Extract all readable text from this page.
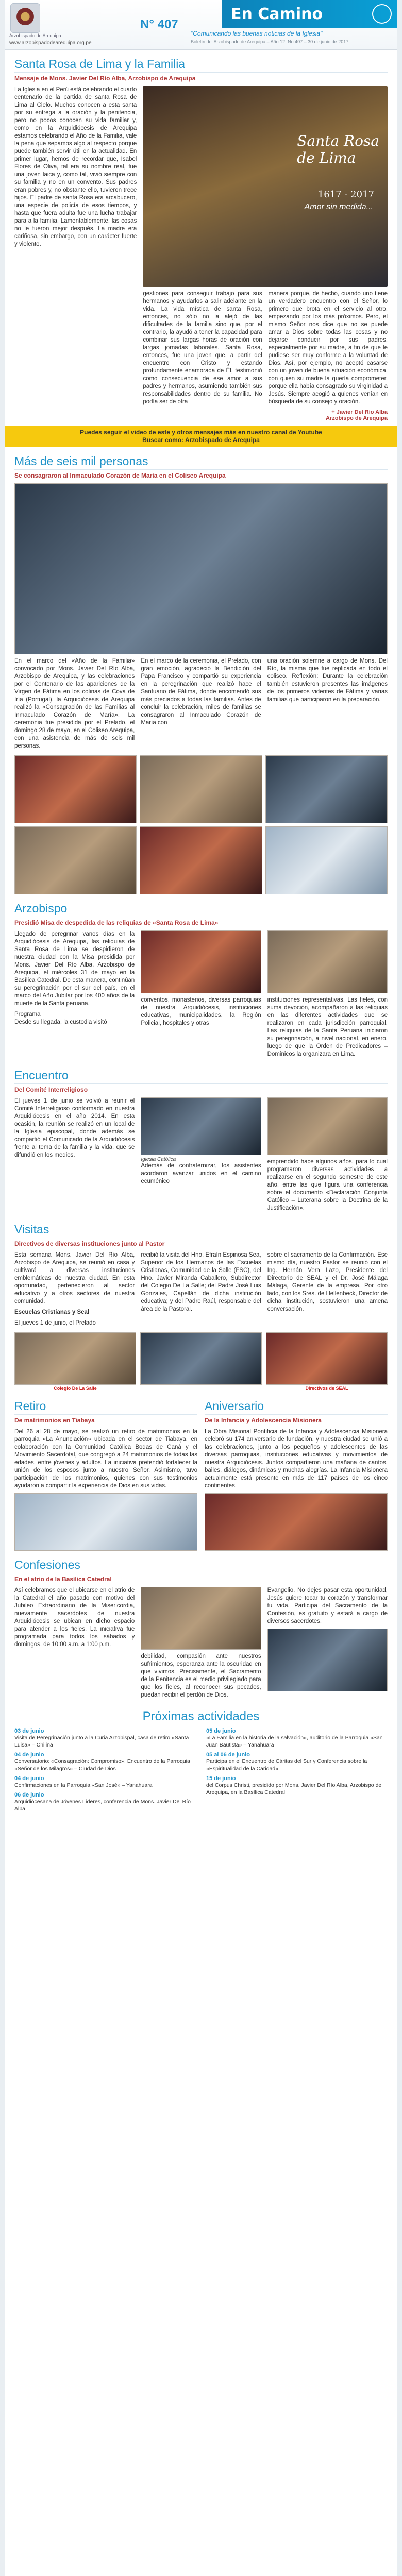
Arzobispado de Arequipa
www.arzobispadodearequipa.org.pe
En Camino
N° 407
"Comunicando las buenas noticias de la Iglesia"
Boletín del Arzobispado de Arequipa – Año 12, No 407 – 30 de junio de 2017
Santa Rosa de Lima y la Familia
Mensaje de Mons. Javier Del Río Alba, Arzobispo de Arequipa

La Iglesia en el Perú está celebrando el cuarto centenario de la partida de santa Rosa de Lima al Cielo. Muchos conocen a esta santa por su entrega a la oración y la penitencia, pero no pocos conocen su vida familiar y, como en la Arquidiócesis de Arequipa estamos celebrando el Año de la Familia, vale la pena que sepamos algo al respecto porque puede también servir útil en la actualidad. En primer lugar, hemos de recordar que, Isabel Flores de Oliva, tal era su nombre real, fue una joven laica y, como tal, vivió siempre con su familia y no en un convento. Sus padres eran pobres y, no obstante ello, tuvieron trece hijos. El padre de santa Rosa era arcabucero, una especie de policía de esos tiempos, y hasta que fuera adulta fue una lucha trabajar para a la familia. Lamentablemente, las cosas no le fueron mejor después. La madre era cariñosa, sin embargo, con un carácter fuerte y violento.

Santa Rosa
de Lima
1617 - 2017
Amor sin medida...

gestiones para conseguir trabajo para sus hermanos y ayudarlos a salir adelante en la vida. La vida mística de santa Rosa, entonces, no sólo no la alejó de las dificultades de la familia sino que, por el contrario, la ayudó a tener la capacidad para combinar sus largas horas de oración con largas jornadas laborales. Santa Rosa, entonces, fue una joven que, a partir del encuentro con Cristo y estando profundamente enamorada de Él, testimonió como consecuencia de ese amor a sus padres y hermanos, asumiendo también sus responsabilidades dentro de su familia. No podía ser de otra

manera porque, de hecho, cuando uno tiene un verdadero encuentro con el Señor, lo primero que brota en el servicio al otro, empezando por los más próximos. Pero, el mismo Señor nos dice que no se puede amar a Dios sobre todas las cosas y no dejarse conducir por sus padres, especialmente por su madre, a fin de que le pudiese ser muy conforme a la voluntad de Dios. Así, por ejemplo, no aceptó casarse con un joven de buena situación económica, con quien su madre la quería comprometer, porque ella había consagrado su virginidad a Jesús. Siempre acogió a quienes venían en búsqueda de su consejo y oración.

+ Javier Del Río Alba
Arzobispo de Arequipa
Puedes seguir el video de este y otros mensajes más en nuestro canal de Youtube
Buscar como: Arzobispado de Arequipa
Más de seis mil personas
Se consagraron al Inmaculado Corazón de María en el Coliseo Arequipa

En el marco del «Año de la Familia» convocado por Mons. Javier Del Río Alba, Arzobispo de Arequipa, y las celebraciones por el Centenario de las apariciones de la Virgen de Fátima en los colinas de Cova de Iría (Portugal), la Arquidiócesis de Arequipa realizó la «Consagración de las Familias al Inmaculado Corazón de María». La ceremonia fue presidida por el Prelado, el domingo 28 de mayo, en el Coliseo Arequipa, con una asistencia de más de seis mil personas.

En el marco de la ceremonia, el Prelado, con gran emoción, agradeció la Bendición del Papa Francisco y compartió su experiencia en la peregrinación que realizó hace el Santuario de Fátima, donde encomendó sus más preciados a todas las familias. Antes de concluir la celebración, miles de familias se consagraron al Inmaculado Corazón de María con

una oración solemne a cargo de Mons. Del Río, la misma que fue replicada en todo el coliseo. Reflexión: Durante la celebración también estuvieron presentes las imágenes de los primeros videntes de Fátima y varias familias que participaron en la preparación.

Arzobispo
Presidió Misa de despedida de las reliquias de «Santa Rosa de Lima»

Llegado de peregrinar varios días en la Arquidiócesis de Arequipa, las reliquias de Santa Rosa de Lima se despidieron de nuestra ciudad con la Misa presidida por Mons. Javier Del Río Alba, Arzobispo de Arequipa, el miércoles 31 de mayo en la Basílica Catedral. De esta manera, continúan su peregrinación por el sur del país, en el marco del Año Jubilar por los 400 años de la muerte de la Santa peruana.

Programa
Desde su llegada, la custodia visitó

conventos, monasterios, diversas parroquias de nuestra Arquidiócesis, instituciones educativas, municipalidades, la Región Policial, hospitales y otras

instituciones representativas. Las fieles, con suma devoción, acompañaron a las reliquias en las diferentes actividades que se realizaron en cada jurisdicción parroquial. Las reliquias de la Santa Peruana iniciaron su peregrinación, a nivel nacional, en enero, luego de que la Orden de Predicadores – Dominicos la organizara en Lima.

Encuentro
Del Comité Interreligioso

El jueves 1 de junio se volvió a reunir el Comité Interreligioso conformado en nuestra Arquidiócesis en el año 2014. En esta ocasión, la reunión se realizó en un local de la Iglesia episcopal, donde además se compartió el Comunicado de la Arquidiócesis frente al tema de la familia y la vida, que se difundió en los medios.

Iglesia Católica

Además de confraternizar, los asistentes acordaron avanzar unidos en el camino ecuménico

emprendido hace algunos años, para lo cual programaron diversas actividades a realizarse en el segundo semestre de este año, entre las que figura una conferencia sobre el documento «Declaración Conjunta Católico – Luterana sobre la Doctrina de la Justificación».

Visitas
Directivos de diversas instituciones junto al Pastor

Esta semana Mons. Javier Del Río Alba, Arzobispo de Arequipa, se reunió en casa y cultivará a diversas instituciones emblemáticas de nuestra ciudad. En esta oportunidad, pertenecieron al sector educativo y a otros sectores de nuestra comunidad.

Escuelas Cristianas y Seal

El jueves 1 de junio, el Prelado

recibió la visita del Hno. Efraín Espinosa Sea, Superior de los Hermanos de las Escuelas Cristianas, Comunidad de la Salle (FSC), del Hno. Javier Miranda Caballero, Subdirector del Colegio De La Salle; del Padre José Luis Gonzales, Capellán de dicha institución educativa; y del Padre Raúl, responsable del área de la Pastoral.

sobre el sacramento de la Confirmación. Ese mismo día, nuestro Pastor se reunió con el Ing. Hernán Vera Lazo, Presidente del Directorio de SEAL y el Dr. José Málaga Málaga, Gerente de la empresa. Por otro lado, con los Sres. de Hellenbeck, Director de dicha institución, sostuvieron una amena conversación.

Colegio De La Salle	Directivos de SEAL
Retiro
De matrimonios en Tiabaya

Del 26 al 28 de mayo, se realizó un retiro de matrimonios en la parroquia «La Anunciación» ubicada en el sector de Tiabaya, en colaboración con la Comunidad Católica Bodas de Caná y el Movimiento Sacerdotal, que congregó a 24 matrimonios de todas las edades, entre jóvenes y adultos. La iniciativa pretendió fortalecer la unión de los esposos junto a nuestro Señor. Asimismo, tuvo participación de los matrimonios, quienes con sus testimonios ayudaron a compartir la experiencia de Dios en sus vidas.

Aniversario
De la Infancia y Adolescencia Misionera

La Obra Misional Pontificia de la Infancia y Adolescencia Misionera celebró su 174 aniversario de fundación, y nuestra ciudad se unió a las celebraciones, junto a los pequeños y adolescentes de las diversas parroquias, instituciones educativas y movimientos de nuestra Arquidiócesis. Juntos compartieron una mañana de cantos, bailes, diálogos, dinámicas y muchas alegrías. La Infancia Misionera actualmente está presente en más de 117 países de los cinco continentes.

Confesiones
En el atrio de la Basílica Catedral

Así celebramos que el ubicarse en el atrio de la Catedral el año pasado con motivo del Jubileo Extraordinario de la Misericordia, nuevamente sacerdotes de nuestra Arquidiócesis se ubican en dicho espacio para atender a los fieles. La iniciativa fue programada para todos los sábados y domingos, de 10:00 a.m. a 1:00 p.m.

debilidad, compasión ante nuestros sufrimientos, esperanza ante la oscuridad en que vivimos. Precisamente, el Sacramento de la Penitencia es el medio privilegiado para que los fieles, al reconocer sus pecados, puedan recibir el perdón de Dios.

Evangelio. No dejes pasar esta oportunidad, Jesús quiere tocar tu corazón y transformar tu vida. Participa del Sacramento de la Confesión, es gratuito y estará a cargo de diversos sacerdotes.

Próximas actividades
03 de junio
Visita de Peregrinación junto a la Curia Arzobispal, casa de retiro «Santa Luisa» – Chilina
04 de junio
Conversatorio: «Consagración: Compromiso»: Encuentro de la Parroquia «Señor de los Milagros» – Ciudad de Dios
04 de junio
Confirmaciones en la Parroquia «San José» – Yanahuara
06 de junio
Arquidiócesana de Jóvenes Líderes, conferencia de Mons. Javier Del Río Alba
05 de junio
«La Familia en la historia de la salvación», auditorio de la Parroquia «San Juan Bautista» – Yanahuara
05 al 06 de junio
Participa en el Encuentro de Cáritas del Sur y Conferencia sobre la «Espiritualidad de la Caridad»
15 de junio
del Corpus Christi, presidido por Mons. Javier Del Río Alba, Arzobispo de Arequipa, en la Basílica Catedral
